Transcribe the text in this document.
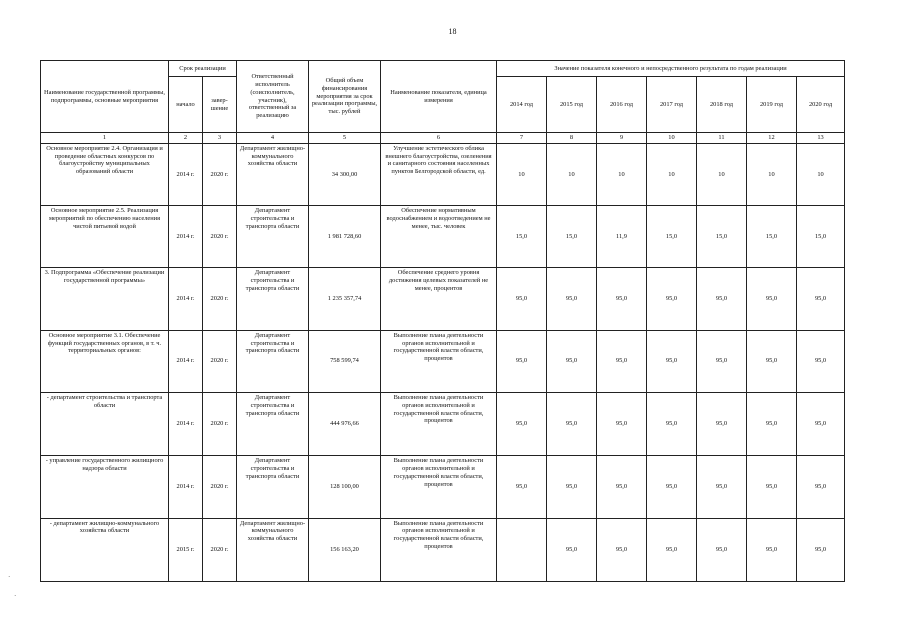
18
Наименование государственной программы, подпрограммы, основные мероприятия	Срок реализации		Ответственный исполнитель (соисполнитель, участник), ответственный за реализацию	Общий объем финансирования мероприятия за срок реализации программы, тыс. рублей	Наименование показателя, единица измерения	Значение показателя конечного и непосредственного результата по годам реализации						
	начало	завер-шение				2014 год	2015 год	2016 год	2017 год	2018 год	2019 год	2020 год
1	2	3	4	5	6	7	8	9	10	11	12	13
Основное мероприятие 2.4. Организация и проведение областных конкурсов по благоустройству муниципальных образований области	2014 г.	2020 г.	Департамент жилищно-коммунального хозяйства области	34 300,00	Улучшение эстетического облика внешнего благоустройства, озеленения и санитарного состояния населенных пунктов Белгородской области, ед.	10	10	10	10	10	10	10
Основное мероприятие 2.5. Реализация мероприятий по обеспечению населения чистой питьевой водой	2014 г.	2020 г.	Департамент строительства и транспорта области	1 981 728,60	Обеспечение нормативным водоснабжением и водоотведением не менее, тыс. человек	15,0	15,0	11,9	15,0	15,0	15,0	15,0
3. Подпрограмма «Обеспечение реализации государственной программы»	2014 г.	2020 г.	Департамент строительства и транспорта области	1 235 357,74	Обеспечение среднего уровня достижения целевых показателей не менее, процентов	95,0	95,0	95,0	95,0	95,0	95,0	95,0
Основное мероприятие 3.1. Обеспечение функций государственных органов, в т. ч. территориальных органов:	2014 г.	2020 г.	Департамент строительства и транспорта области	758 599,74	Выполнение плана деятельности органов исполнительной и государственной власти области, процентов	95,0	95,0	95,0	95,0	95,0	95,0	95,0
- департамент строительства и транспорта области	2014 г.	2020 г.	Департамент строительства и транспорта области	444 976,66	Выполнение плана деятельности органов исполнительной и государственной власти области, процентов	95,0	95,0	95,0	95,0	95,0	95,0	95,0
- управление государственного жилищного надзора области	2014 г.	2020 г.	Департамент строительства и транспорта области	128 100,00	Выполнение плана деятельности органов исполнительной и государственной власти области, процентов	95,0	95,0	95,0	95,0	95,0	95,0	95,0
- департамент жилищно-коммунального хозяйства области	2015 г.	2020 г.	Департамент жилищно-коммунального хозяйства области	156 163,20	Выполнение плана деятельности органов исполнительной и государственной власти области, процентов		95,0	95,0	95,0	95,0	95,0	95,0
·
·
